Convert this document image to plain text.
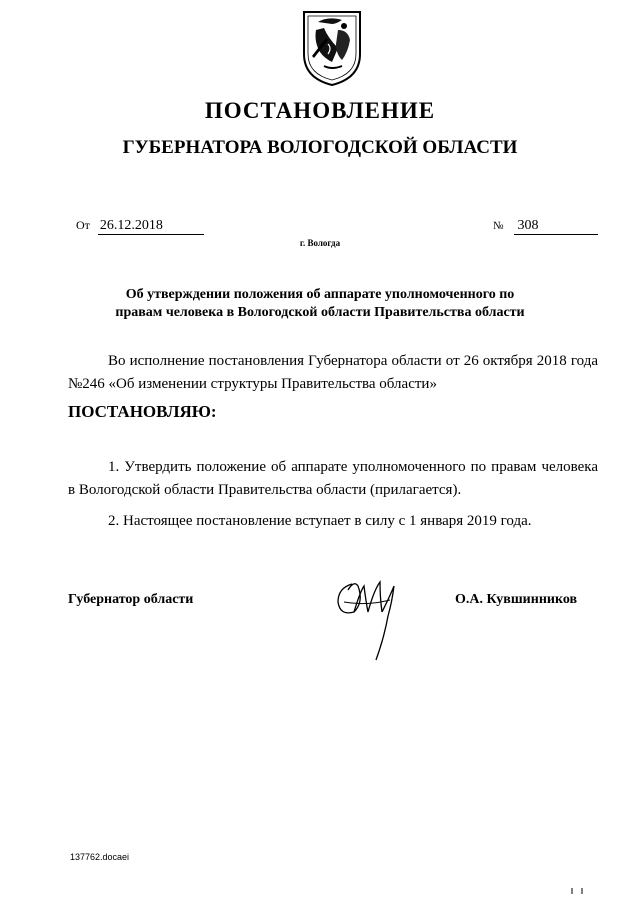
ПОСТАНОВЛЕНИЕ
ГУБЕРНАТОРА ВОЛОГОДСКОЙ ОБЛАСТИ
От 26.12.2018	№ 308
г. Вологда
Об утверждении положения об аппарате уполномоченного по правам человека в Вологодской области Правительства области
Во исполнение постановления Губернатора области от 26 октября 2018 года №246 «Об изменении структуры Правительства области»
ПОСТАНОВЛЯЮ:
1. Утвердить положение об аппарате уполномоченного по правам человека в Вологодской области Правительства области (прилагается).
2. Настоящее постановление вступает в силу с 1 января 2019 года.
Губернатор области	О.А. Кувшинников
137762.docaei
